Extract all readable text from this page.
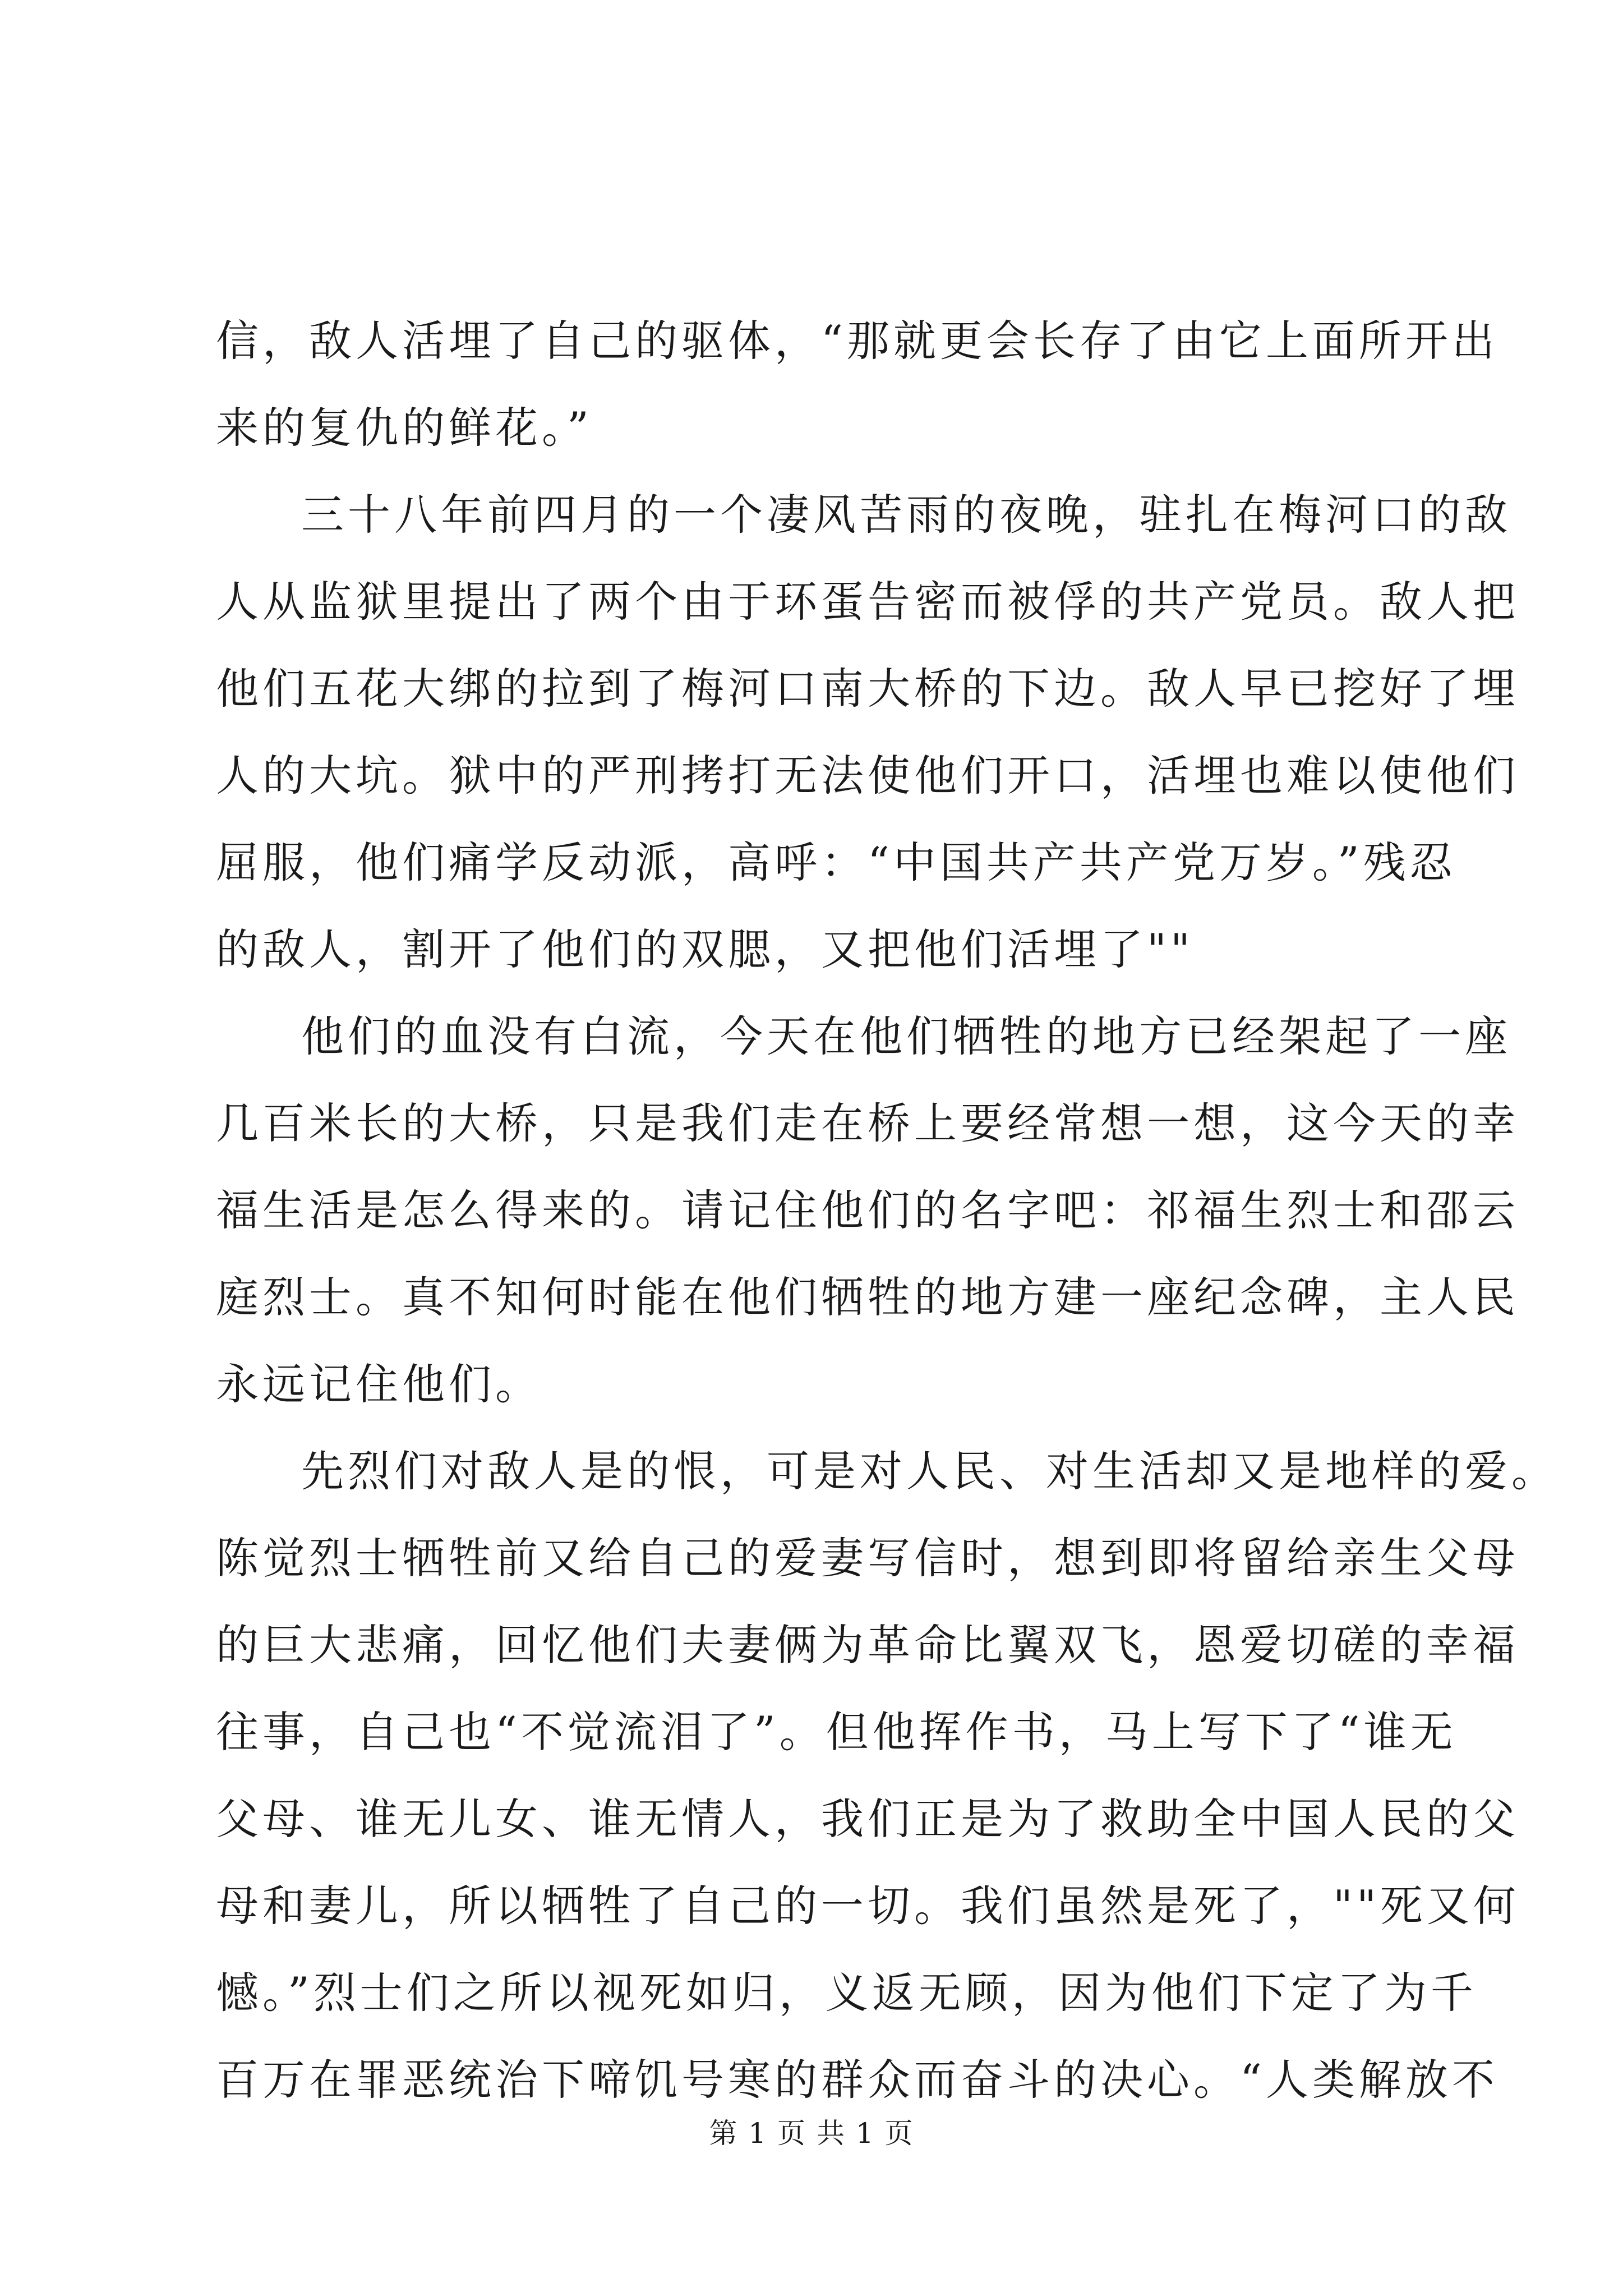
信，敌人活埋了自己的驱体，“那就更会长存了由它上面所开出
来的复仇的鲜花。”
三十八年前四月的一个凄风苦雨的夜晚，驻扎在梅河口的敌
人从监狱里提出了两个由于环蛋告密而被俘的共产党员。敌人把
他们五花大绑的拉到了梅河口南大桥的下边。敌人早已挖好了埋
人的大坑。狱中的严刑拷打无法使他们开口，活埋也难以使他们
屈服，他们痛学反动派，高呼：“中国共产共产党万岁。”残忍
的敌人，割开了他们的双腮，又把他们活埋了""
他们的血没有白流，今天在他们牺牲的地方已经架起了一座
几百米长的大桥，只是我们走在桥上要经常想一想，这今天的幸
福生活是怎么得来的。请记住他们的名字吧：祁福生烈士和邵云
庭烈士。真不知何时能在他们牺牲的地方建一座纪念碑，主人民
永远记住他们。
先烈们对敌人是的恨，可是对人民、对生活却又是地样的爱。
陈觉烈士牺牲前又给自己的爱妻写信时，想到即将留给亲生父母
的巨大悲痛，回忆他们夫妻俩为革命比翼双飞，恩爱切磋的幸福
往事，自己也“不觉流泪了”。但他挥作书，马上写下了“谁无
父母、谁无儿女、谁无情人，我们正是为了救助全中国人民的父
母和妻儿，所以牺牲了自己的一切。我们虽然是死了，""死又何
憾。”烈士们之所以视死如归，义返无顾，因为他们下定了为千
百万在罪恶统治下啼饥号寒的群众而奋斗的决心。“人类解放不
第 1 页 共 1 页
